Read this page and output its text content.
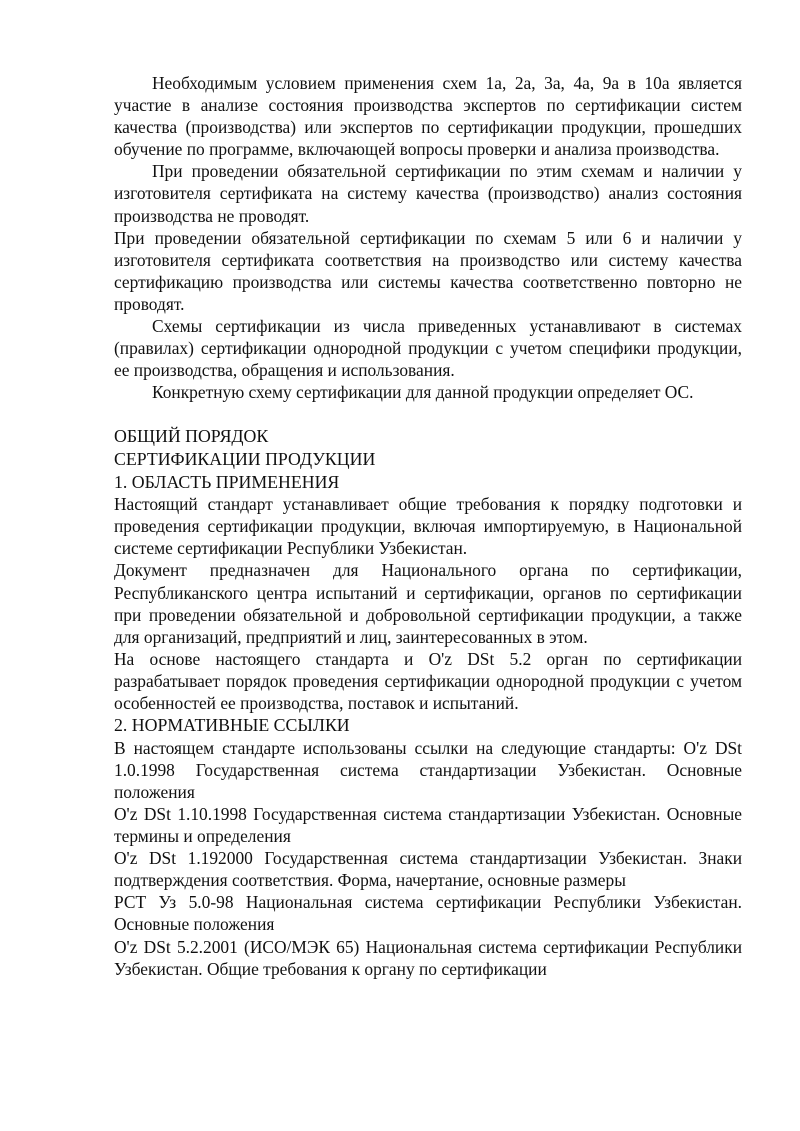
Необходимым условием применения схем 1а, 2а, 3а, 4а, 9а в 10а является участие в анализе состояния производства экспертов по сертификации систем качества (производства) или экспертов по сертификации продукции, прошедших обучение по программе, включающей вопросы проверки и анализа производства.

При проведении обязательной сертификации по этим схемам и наличии у изготовителя сертификата на систему качества (производство) анализ состояния производства не проводят.

При проведении обязательной сертификации по схемам 5 или 6 и наличии у изготовителя сертификата соответствия на производство или систему качества сертификацию производства или системы качества соответственно повторно не проводят.

Схемы сертификации из числа приведенных устанавливают в системах (правилах) сертификации однородной продукции с учетом специфики продукции, ее производства, обращения и использования.

Конкретную схему сертификации для данной продукции определяет ОС.

ОБЩИЙ ПОРЯДОК

СЕРТИФИКАЦИИ ПРОДУКЦИИ

1. ОБЛАСТЬ ПРИМЕНЕНИЯ

Настоящий стандарт устанавливает общие требования к порядку подготовки и проведения сертификации продукции, включая импортируемую, в Национальной системе сертификации Республики Узбекистан.

Документ предназначен для Национального органа по сертификации, Республиканского центра испытаний и сертификации, органов по сертификации при проведении обязательной и добровольной сертификации продукции, а также для организаций, предприятий и лиц, заинтересованных в этом.

На основе настоящего стандарта и O'z DSt 5.2 орган по сертификации разрабатывает порядок проведения сертификации однородной продукции с учетом особенностей ее производства, поставок и испытаний.

2. НОРМАТИВНЫЕ ССЫЛКИ

В настоящем стандарте использованы ссылки на следующие стандарты: O'z DSt 1.0.1998 Государственная система стандартизации Узбекистан. Основные положения

O'z DSt 1.10.1998 Государственная система стандартизации Узбекистан. Основные термины и определения

O'z DSt 1.192000 Государственная система стандартизации Узбекистан. Знаки подтверждения соответствия. Форма, начертание, основные размеры

РСТ Уз 5.0-98 Национальная система сертификации Республики Узбекистан. Основные положения

O'z DSt 5.2.2001 (ИСО/МЭК 65) Национальная система сертификации Республики Узбекистан. Общие требования к органу по сертификации
